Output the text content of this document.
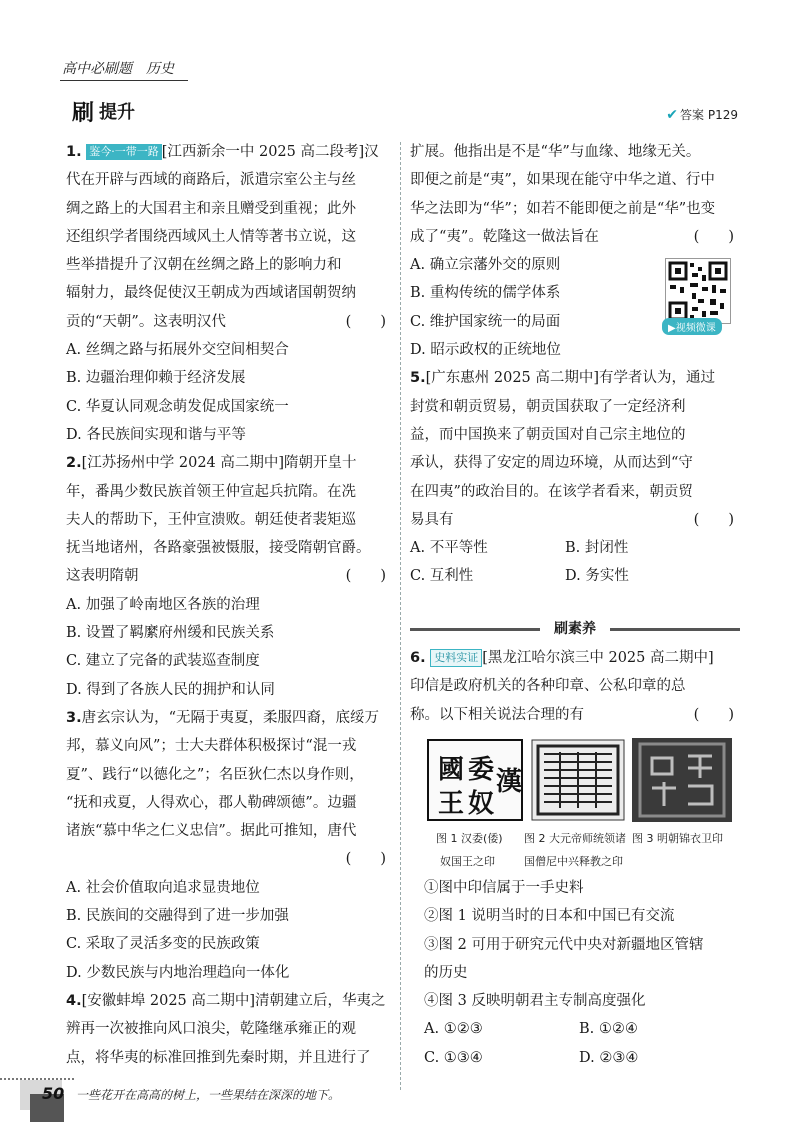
高中必刷题　历史
刷 提升	✔ 答案 P129
1. 鉴今·一带一路 [江西新余一中 2025 高二段考]汉
代在开辟与西域的商路后，派遣宗室公主与丝
绸之路上的大国君主和亲且赠受到重视；此外
还组织学者围绕西域风土人情等著书立说，这
些举措提升了汉朝在丝绸之路上的影响力和
辐射力，最终促使汉王朝成为西域诸国朝贺纳
贡的“天朝”。这表明汉代	(　　)
A. 丝绸之路与拓展外交空间相契合
B. 边疆治理仰赖于经济发展
C. 华夏认同观念萌发促成国家统一
D. 各民族间实现和谐与平等
2.[江苏扬州中学 2024 高二期中]隋朝开皇十
年，番禺少数民族首领王仲宣起兵抗隋。在冼
夫人的帮助下，王仲宣溃败。朝廷使者裴矩巡
抚当地诸州，各路豪强被慑服，接受隋朝官爵。
这表明隋朝	(　　)
A. 加强了岭南地区各族的治理
B. 设置了羁縻府州缓和民族关系
C. 建立了完备的武装巡查制度
D. 得到了各族人民的拥护和认同
3.唐玄宗认为，“无隔于夷夏，柔服四裔，底绥万
邦，慕义向风”；士大夫群体积极探讨“混一戎
夏”、践行“以德化之”；名臣狄仁杰以身作则，
“抚和戎夏，人得欢心，郡人勒碑颂德”。边疆
诸族“慕中华之仁义忠信”。据此可推知，唐代
(　　)

A. 社会价值取向追求显贵地位
B. 民族间的交融得到了进一步加强
C. 采取了灵活多变的民族政策
D. 少数民族与内地治理趋向一体化
4.[安徽蚌埠 2025 高二期中]清朝建立后，华夷之
辨再一次被推向风口浪尖，乾隆继承雍正的观
点，将华夷的标准回推到先秦时期，并且进行了
扩展。他指出是不是“华”与血缘、地缘无关。
即便之前是“夷”，如果现在能守中华之道、行中
华之法即为“华”；如若不能即便之前是“华”也变
成了“夷”。乾隆这一做法旨在	(　　)
A. 确立宗藩外交的原则
B. 重构传统的儒学体系
C. 维护国家统一的局面
D. 昭示政权的正统地位
5.[广东惠州 2025 高二期中]有学者认为，通过
封赏和朝贡贸易，朝贡国获取了一定经济利
益，而中国换来了朝贡国对自己宗主地位的
承认，获得了安定的周边环境，从而达到“守
在四夷”的政治目的。在该学者看来，朝贡贸
易具有	(　　)
A. 不平等性	B. 封闭性
C. 互利性	D. 务实性
▶视频微课
刷素养
6. 史料实证 [黑龙江哈尔滨三中 2025 高二期中]
印信是政府机关的各种印章、公私印章的总
称。以下相关说法合理的有	(　　)
國 委 漢
王 奴
图 1 汉委(倭)
奴国王之印
图 2 大元帝师统领诸
国僧尼中兴释教之印
图 3 明朝锦衣卫印
①图中印信属于一手史料
②图 1 说明当时的日本和中国已有交流
③图 2 可用于研究元代中央对新疆地区管辖
的历史
④图 3 反映明朝君主专制高度强化
A. ①②③	B. ①②④
C. ①③④	D. ②③④
50 一些花开在高高的树上，一些果结在深深的地下。
